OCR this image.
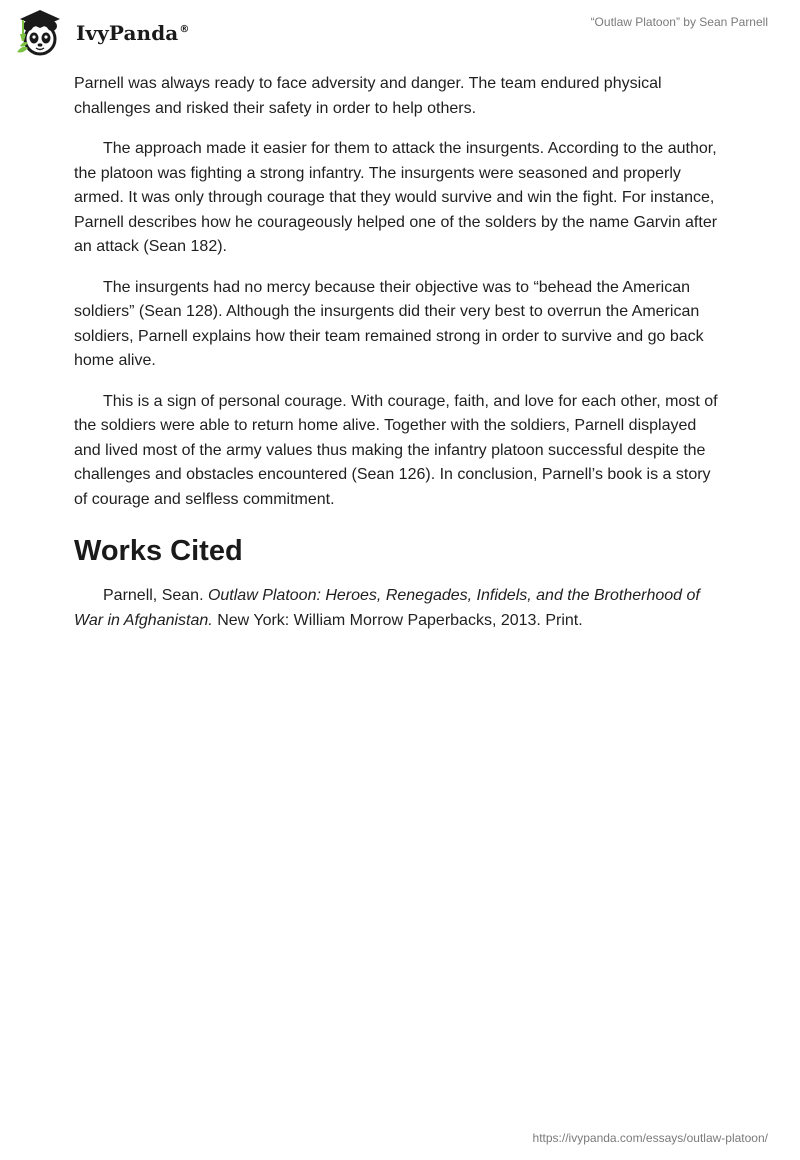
IvyPanda®
“Outlaw Platoon” by Sean Parnell

Parnell was always ready to face adversity and danger. The team endured physical challenges and risked their safety in order to help others.

The approach made it easier for them to attack the insurgents. According to the author, the platoon was fighting a strong infantry. The insurgents were seasoned and properly armed. It was only through courage that they would survive and win the fight. For instance, Parnell describes how he courageously helped one of the solders by the name Garvin after an attack (Sean 182).

The insurgents had no mercy because their objective was to “behead the American soldiers” (Sean 128). Although the insurgents did their very best to overrun the American soldiers, Parnell explains how their team remained strong in order to survive and go back home alive.

This is a sign of personal courage. With courage, faith, and love for each other, most of the soldiers were able to return home alive. Together with the soldiers, Parnell displayed and lived most of the army values thus making the infantry platoon successful despite the challenges and obstacles encountered (Sean 126). In conclusion, Parnell’s book is a story of courage and selfless commitment.

Works Cited

Parnell, Sean. Outlaw Platoon: Heroes, Renegades, Infidels, and the Brotherhood of War in Afghanistan. New York: William Morrow Paperbacks, 2013. Print.

https://ivypanda.com/essays/outlaw-platoon/
